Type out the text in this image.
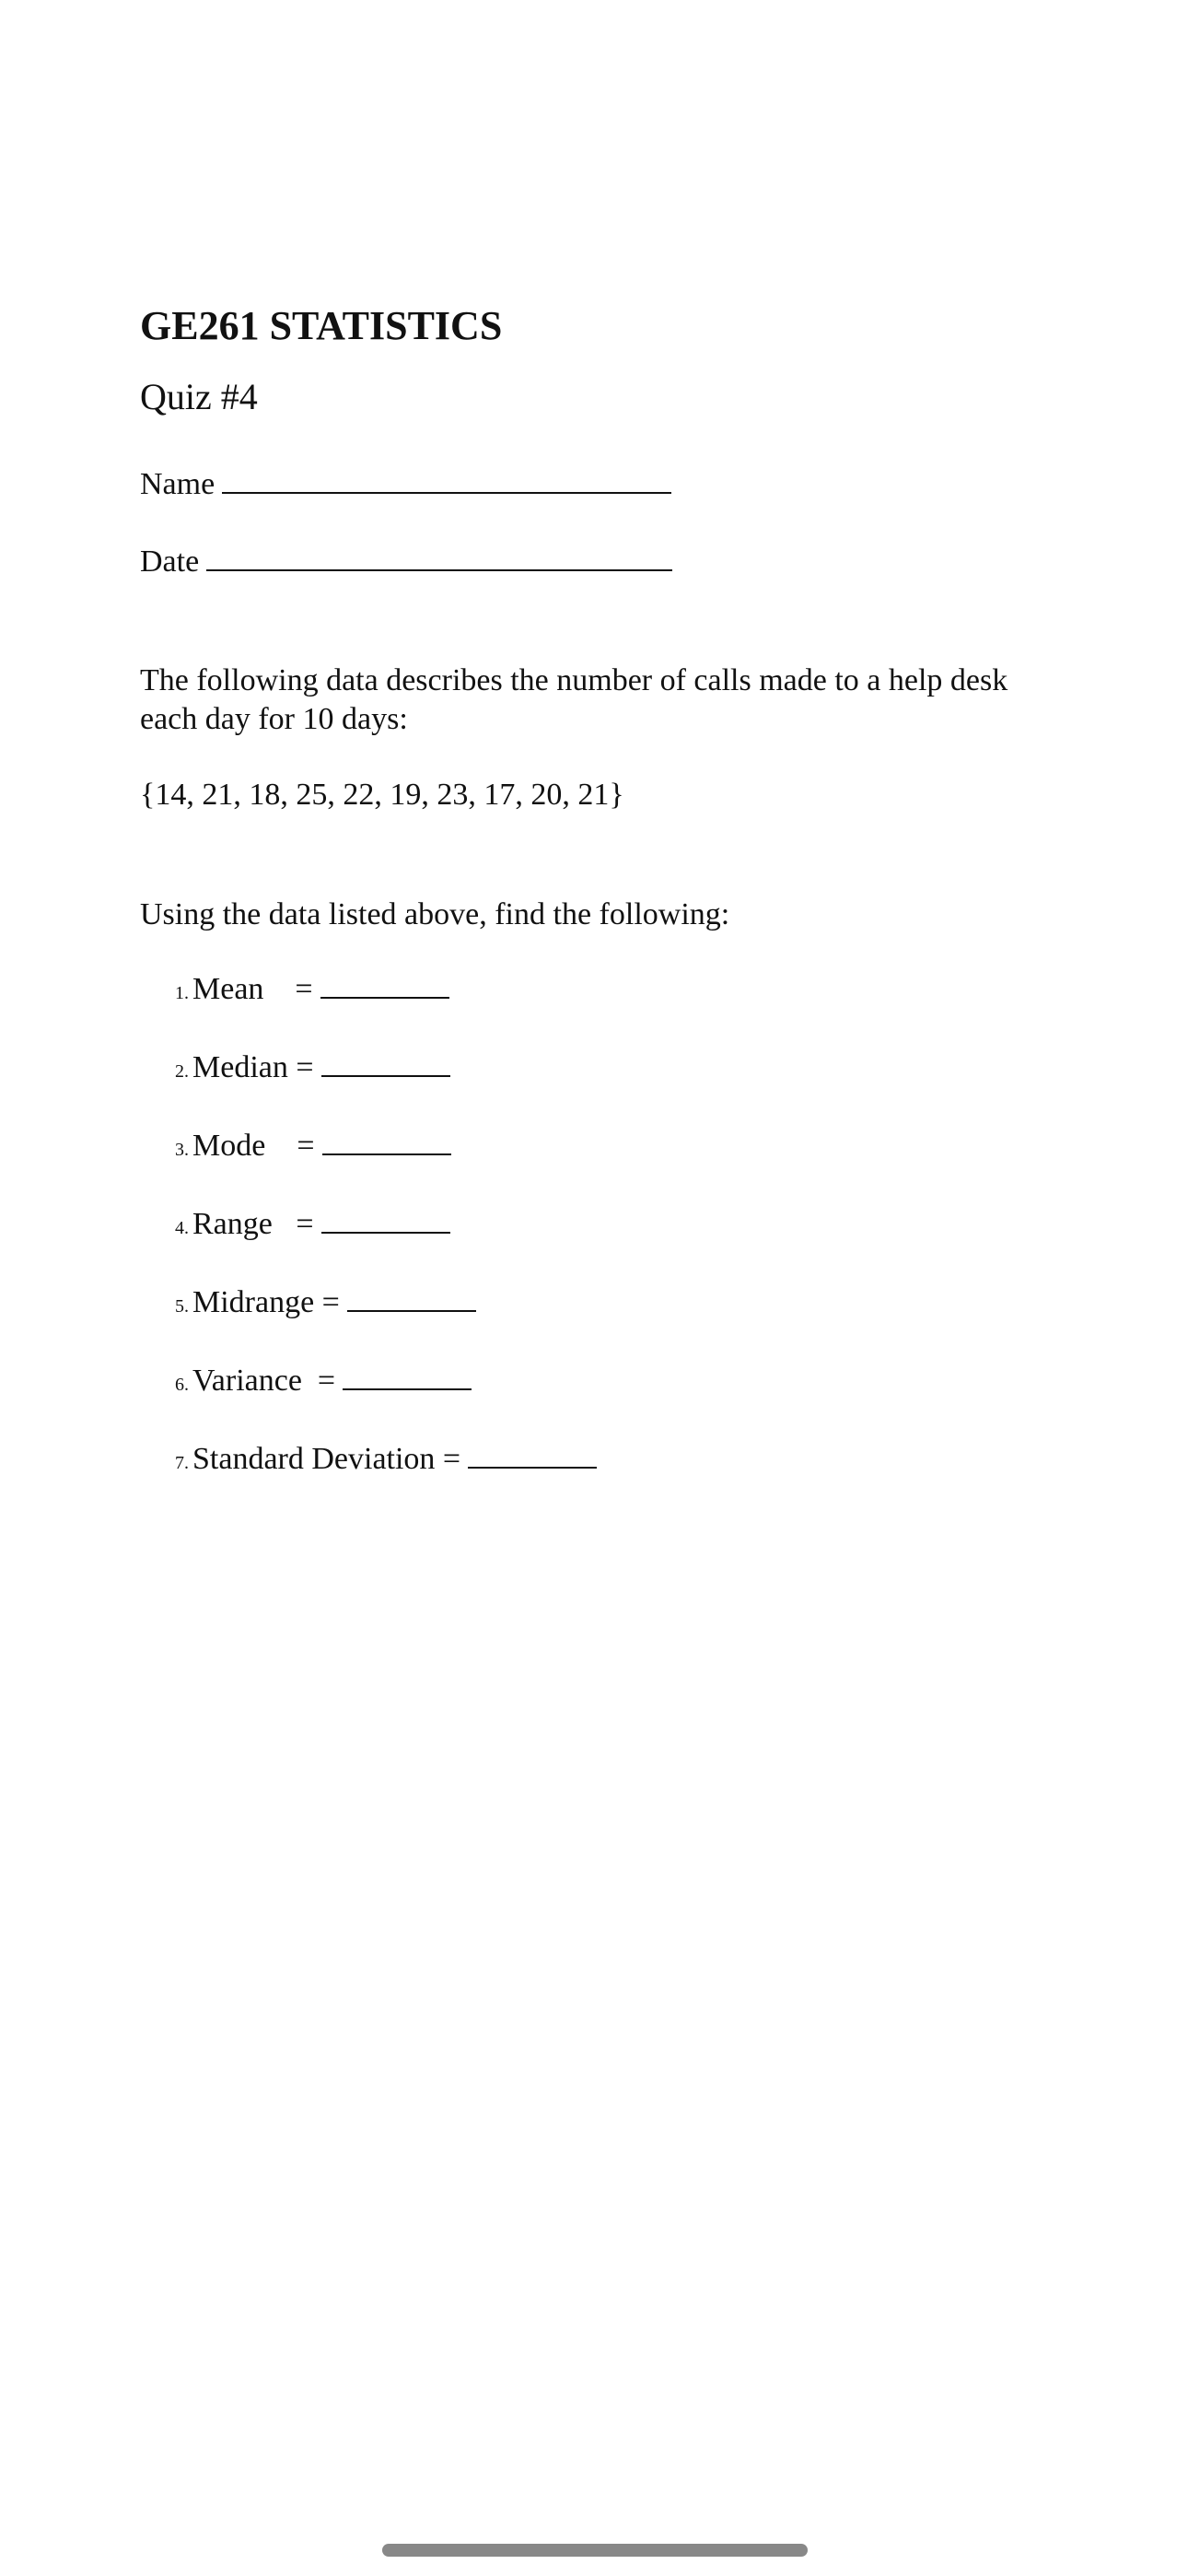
GE261 STATISTICS
Quiz #4
Name
Date

The following data describes the number of calls made to a help desk each day for 10 days:

{14, 21, 18, 25, 22, 19, 23, 17, 20, 21}

Using the data listed above, find the following:

1. Mean    =
2. Median =
3. Mode    =
4. Range   =
5. Midrange =
6. Variance  =
7. Standard Deviation =
